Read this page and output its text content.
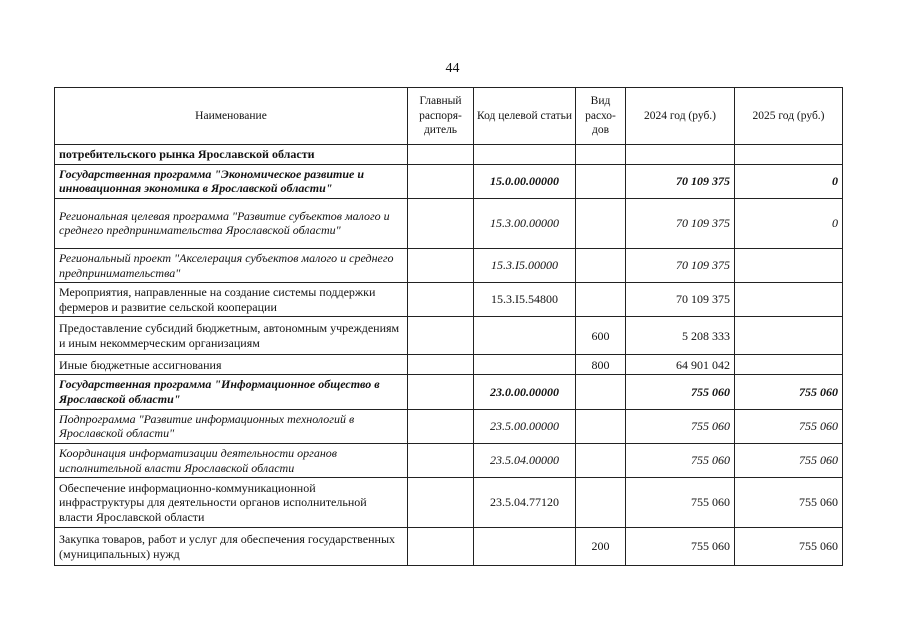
44
Наименование	Главный распоря-дитель	Код целевой статьи	Вид расхо-дов	2024 год (руб.)	2025 год (руб.)
потребительского рынка Ярославской области					
Государственная программа "Экономическое развитие и инновационная экономика в Ярославской области"		15.0.00.00000		70 109 375	0
Региональная целевая программа "Развитие субъектов малого и среднего предпринимательства Ярославской области"		15.3.00.00000		70 109 375	0
Региональный проект "Акселерация субъектов малого и среднего предпринимательства"		15.3.I5.00000		70 109 375	
Мероприятия, направленные на создание системы поддержки фермеров и развитие сельской кооперации		15.3.I5.54800		70 109 375	
Предоставление субсидий бюджетным, автономным учреждениям и иным некоммерческим организациям			600	5 208 333	
Иные бюджетные ассигнования			800	64 901 042	
Государственная программа "Информационное общество в Ярославской области"		23.0.00.00000		755 060	755 060
Подпрограмма "Развитие информационных технологий в Ярославской области"		23.5.00.00000		755 060	755 060
Координация информатизации деятельности органов исполнительной власти Ярославской области		23.5.04.00000		755 060	755 060
Обеспечение информационно-коммуникационной инфраструктуры для деятельности органов исполнительной власти Ярославской области		23.5.04.77120		755 060	755 060
Закупка товаров, работ и услуг для обеспечения государственных (муниципальных) нужд			200	755 060	755 060
